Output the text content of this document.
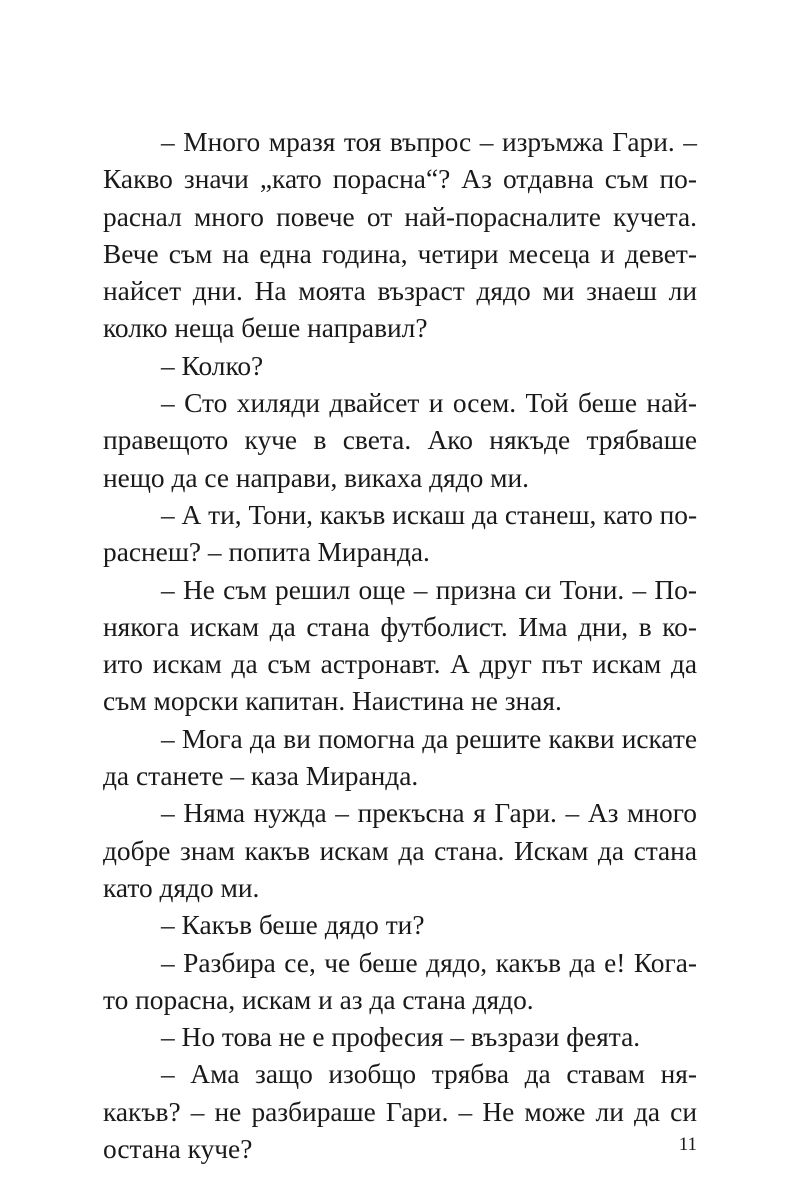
– Много мразя тоя въпрос – изръмжа Гари. –
Какво значи „като порасна“? Аз отдавна съм по-
раснал много повече от най-порасналите кучета.
Вече съм на една година, четири месеца и девет-
найсет дни. На моята възраст дядо ми знаеш ли
колко неща беше направил?
– Колко?
– Сто хиляди двайсет и осем. Той беше най-
правещото куче в света. Ако някъде трябваше
нещо да се направи, викаха дядо ми.
– А ти, Тони, какъв искаш да станеш, като по-
раснеш? – попита Миранда.
– Не съм решил още – призна си Тони. – По-
някога искам да стана футболист. Има дни, в ко-
ито искам да съм астронавт. А друг път искам да
съм морски капитан. Наистина не зная.
– Мога да ви помогна да решите какви искате
да станете – каза Миранда.
– Няма нужда – прекъсна я Гари. – Аз много
добре знам какъв искам да стана. Искам да стана
като дядо ми.
– Какъв беше дядо ти?
– Разбира се, че беше дядо, какъв да е! Кога-
то порасна, искам и аз да стана дядо.
– Но това не е професия – възрази феята.
– Ама защо изобщо трябва да ставам ня-
какъв? – не разбираше Гари. – Не може ли да си
остана куче?	11
